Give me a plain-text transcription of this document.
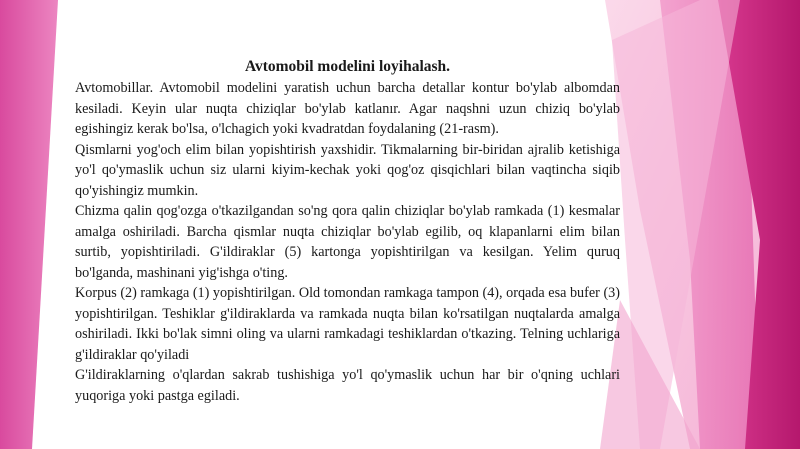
Avtomobil modelini loyihalash.

Avtomobillar. Avtomobil modelini yaratish uchun barcha detallar kontur bo'ylab albomdan kesiladi. Keyin ular nuqta chiziqlar bo'ylab katlanır. Agar naqshni uzun chiziq bo'ylab egishingiz kerak bo'lsa, o'lchagich yoki kvadratdan foydalaning (21-rasm).

Qismlarni yog'och elim bilan yopishtirish yaxshidir. Tikmalarning bir-biridan ajralib ketishiga yo'l qo'ymaslik uchun siz ularni kiyim-kechak yoki qog'oz qisqichlari bilan vaqtincha siqib qo'yishingiz mumkin.

Chizma qalin qog'ozga o'tkazilgandan so'ng qora qalin chiziqlar bo'ylab ramkada (1) kesmalar amalga oshiriladi. Barcha qismlar nuqta chiziqlar bo'ylab egilib, oq klapanlarni elim bilan surtib, yopishtiriladi. G'ildiraklar (5) kartonga yopishtirilgan va kesilgan. Yelim quruq bo'lganda, mashinani yig'ishga o'ting.

Korpus (2) ramkaga (1) yopishtirilgan. Old tomondan ramkaga tampon (4), orqada esa bufer (3) yopishtirilgan. Teshiklar g'ildiraklarda va ramkada nuqta bilan ko'rsatilgan nuqtalarda amalga oshiriladi. Ikki bo'lak simni oling va ularni ramkadagi teshiklardan o'tkazing. Telning uchlariga g'ildiraklar qo'yiladi

G'ildiraklarning o'qlardan sakrab tushishiga yo'l qo'ymaslik uchun har bir o'qning uchlari yuqoriga yoki pastga egiladi.
